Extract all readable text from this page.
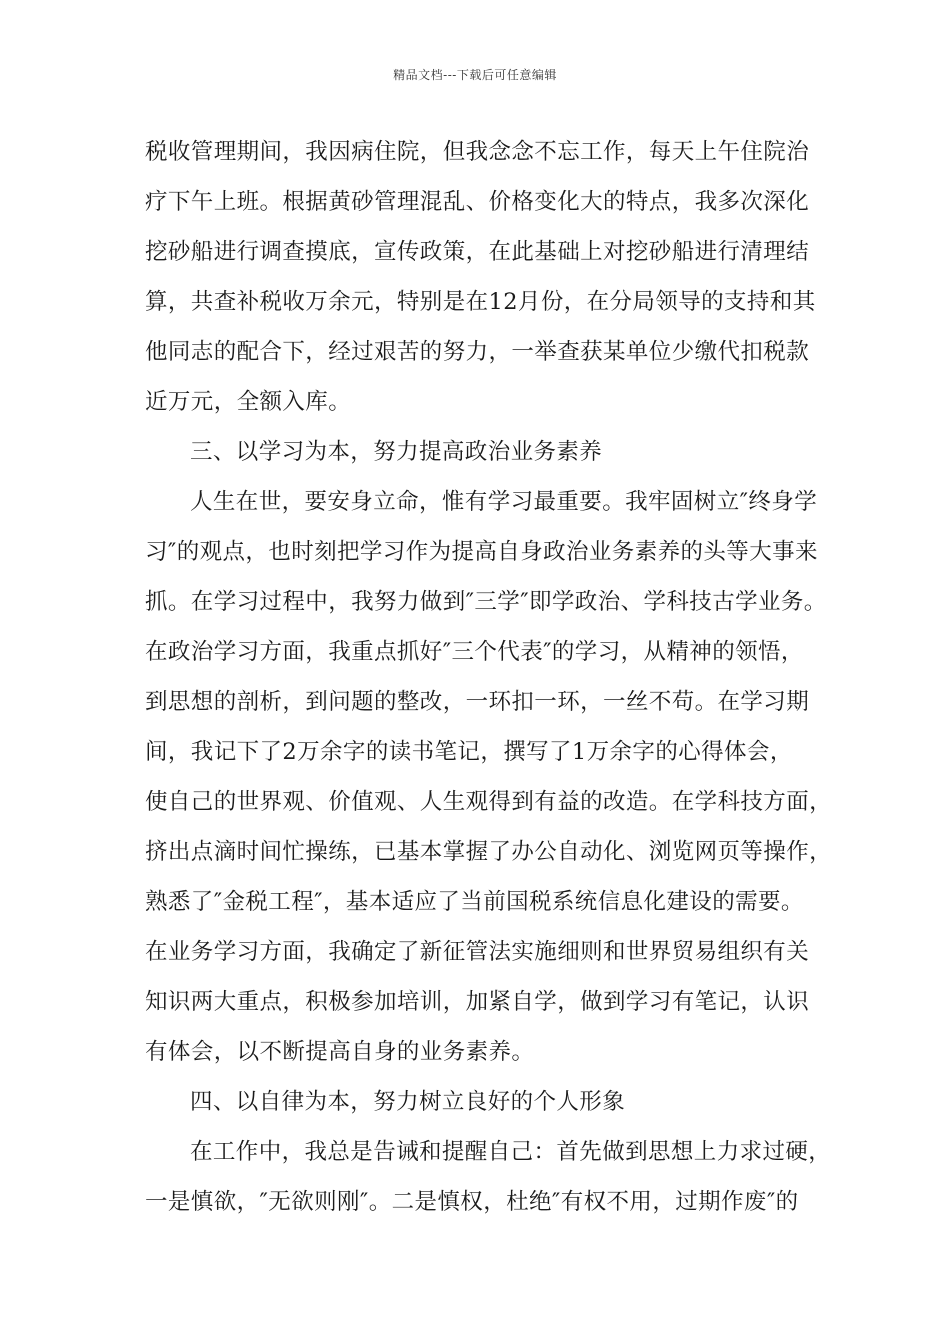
精品文档---下载后可任意编辑
税收管理期间，我因病住院，但我念念不忘工作，每天上午住院治
疗下午上班。根据黄砂管理混乱、价格变化大的特点，我多次深化
挖砂船进行调查摸底，宣传政策，在此基础上对挖砂船进行清理结
算，共查补税收万余元，特别是在12月份，在分局领导的支持和其
他同志的配合下，经过艰苦的努力，一举查获某单位少缴代扣税款
近万元，全额入库。
三、以学习为本，努力提高政治业务素养
人生在世，要安身立命，惟有学习最重要。我牢固树立″终身学
习″的观点，也时刻把学习作为提高自身政治业务素养的头等大事来
抓。在学习过程中，我努力做到″三学″即学政治、学科技古学业务。
在政治学习方面，我重点抓好″三个代表″的学习，从精神的领悟，
到思想的剖析，到问题的整改，一环扣一环，一丝不苟。在学习期
间，我记下了2万余字的读书笔记，撰写了1万余字的心得体会，
使自己的世界观、价值观、人生观得到有益的改造。在学科技方面，
挤出点滴时间忙操练，已基本掌握了办公自动化、浏览网页等操作，
熟悉了″金税工程″，基本适应了当前国税系统信息化建设的需要。
在业务学习方面，我确定了新征管法实施细则和世界贸易组织有关
知识两大重点，积极参加培训，加紧自学，做到学习有笔记，认识
有体会，以不断提高自身的业务素养。
四、以自律为本，努力树立良好的个人形象
在工作中，我总是告诫和提醒自己：首先做到思想上力求过硬，
一是慎欲，″无欲则刚″。二是慎权，杜绝″有权不用，过期作废″的
